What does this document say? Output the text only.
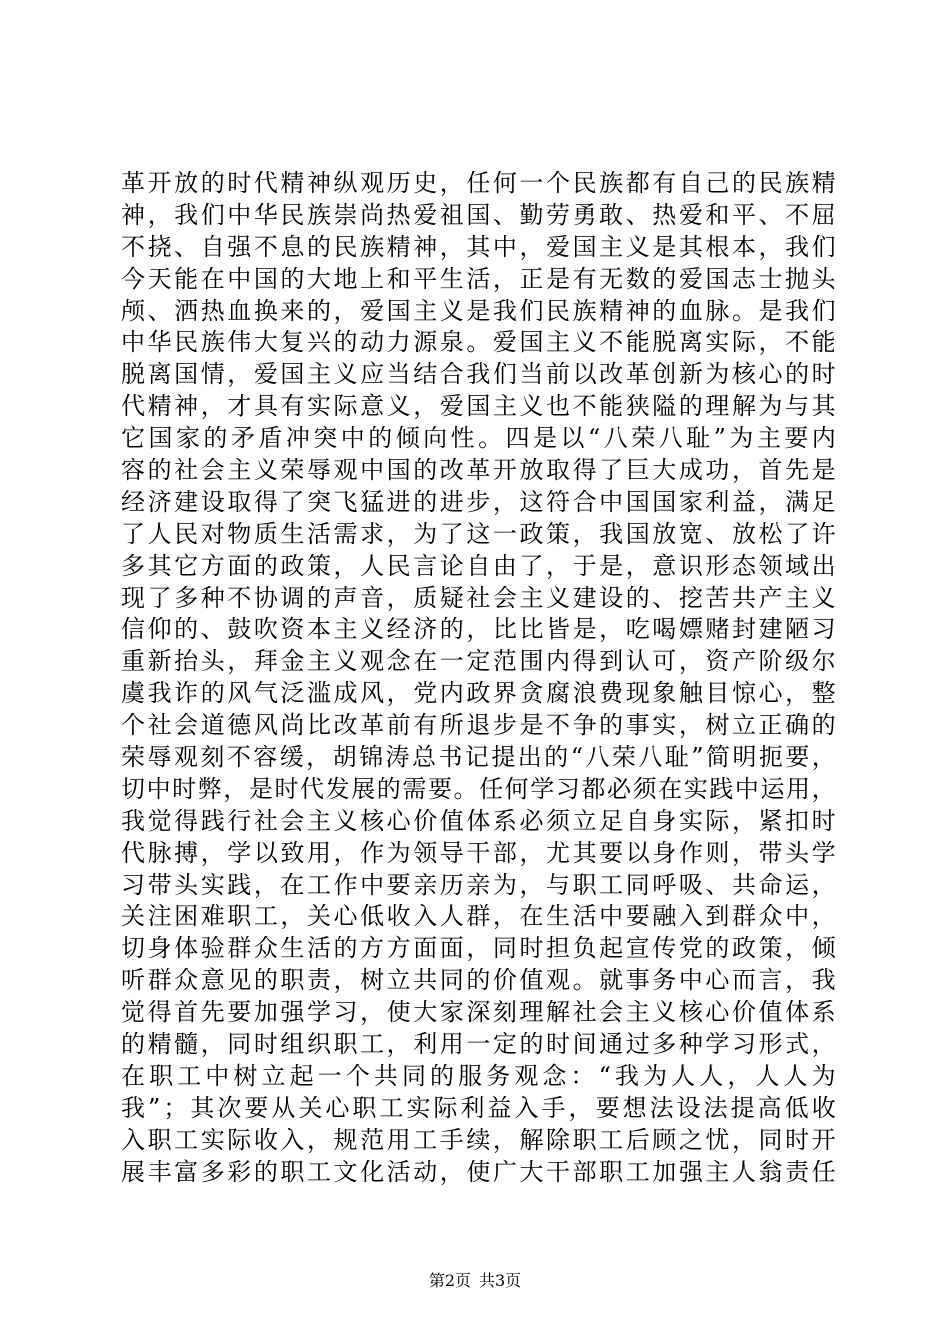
革 开 放 的 时 代 精 神 纵 观 历 史 ， 任 何 一 个 民 族 都 有 自 己 的 民 族 精
神 ， 我 们 中 华 民 族 崇 尚 热 爱 祖 国 、 勤 劳 勇 敢 、 热 爱 和 平 、 不 屈
不 挠 、 自 强 不 息 的 民 族 精 神 ， 其 中 ， 爱 国 主 义 是 其 根 本 ， 我 们
今 天 能 在 中 国 的 大 地 上 和 平 生 活 ， 正 是 有 无 数 的 爱 国 志 士 抛 头
颅 、 洒 热 血 换 来 的 ， 爱 国 主 义 是 我 们 民 族 精 神 的 血 脉 。 是 我 们
中 华 民 族 伟 大 复 兴 的 动 力 源 泉 。 爱 国 主 义 不 能 脱 离 实 际 ， 不 能
脱 离 国 情 ， 爱 国 主 义 应 当 结 合 我 们 当 前 以 改 革 创 新 为 核 心 的 时
代 精 神 ， 才 具 有 实 际 意 义 ， 爱 国 主 义 也 不 能 狭 隘 的 理 解 为 与 其
它 国 家 的 矛 盾 冲 突 中 的 倾 向 性 。 四 是 以 “ 八 荣 八 耻 ” 为 主 要 内
容 的 社 会 主 义 荣 辱 观 中 国 的 改 革 开 放 取 得 了 巨 大 成 功 ， 首 先 是
经 济 建 设 取 得 了 突 飞 猛 进 的 进 步 ， 这 符 合 中 国 国 家 利 益 ， 满 足
了 人 民 对 物 质 生 活 需 求 ， 为 了 这 一 政 策 ， 我 国 放 宽 、 放 松 了 许
多 其 它 方 面 的 政 策 ， 人 民 言 论 自 由 了 ， 于 是 ， 意 识 形 态 领 域 出
现 了 多 种 不 协 调 的 声 音 ， 质 疑 社 会 主 义 建 设 的 、 挖 苦 共 产 主 义
信 仰 的 、 鼓 吹 资 本 主 义 经 济 的 ， 比 比 皆 是 ， 吃 喝 嫖 赌 封 建 陋 习
重 新 抬 头 ， 拜 金 主 义 观 念 在 一 定 范 围 内 得 到 认 可 ， 资 产 阶 级 尔
虞 我 诈 的 风 气 泛 滥 成 风 ， 党 内 政 界 贪 腐 浪 费 现 象 触 目 惊 心 ， 整
个 社 会 道 德 风 尚 比 改 革 前 有 所 退 步 是 不 争 的 事 实 ， 树 立 正 确 的
荣 辱 观 刻 不 容 缓 ， 胡 锦 涛 总 书 记 提 出 的 “ 八 荣 八 耻 ” 简 明 扼 要 ，
切 中 时 弊 ， 是 时 代 发 展 的 需 要 。 任 何 学 习 都 必 须 在 实 践 中 运 用 ，
我 觉 得 践 行 社 会 主 义 核 心 价 值 体 系 必 须 立 足 自 身 实 际 ， 紧 扣 时
代 脉 搏 ， 学 以 致 用 ， 作 为 领 导 干 部 ， 尤 其 要 以 身 作 则 ， 带 头 学
习 带 头 实 践 ， 在 工 作 中 要 亲 历 亲 为 ， 与 职 工 同 呼 吸 、 共 命 运 ，
关 注 困 难 职 工 ， 关 心 低 收 入 人 群 ， 在 生 活 中 要 融 入 到 群 众 中 ，
切 身 体 验 群 众 生 活 的 方 方 面 面 ， 同 时 担 负 起 宣 传 党 的 政 策 ， 倾
听 群 众 意 见 的 职 责 ， 树 立 共 同 的 价 值 观 。 就 事 务 中 心 而 言 ， 我
觉 得 首 先 要 加 强 学 习 ， 使 大 家 深 刻 理 解 社 会 主 义 核 心 价 值 体 系
的 精 髓 ， 同 时 组 织 职 工 ， 利 用 一 定 的 时 间 通 过 多 种 学 习 形 式 ，
在 职 工 中 树 立 起 一 个 共 同 的 服 务 观 念 ： “ 我 为 人 人 ， 人 人 为
我 ” ； 其 次 要 从 关 心 职 工 实 际 利 益 入 手 ， 要 想 法 设 法 提 高 低 收
入 职 工 实 际 收 入 ， 规 范 用 工 手 续 ， 解 除 职 工 后 顾 之 忧 ， 同 时 开
展 丰 富 多 彩 的 职 工 文 化 活 动 ， 使 广 大 干 部 职 工 加 强 主 人 翁 责 任
第2页 共3页
